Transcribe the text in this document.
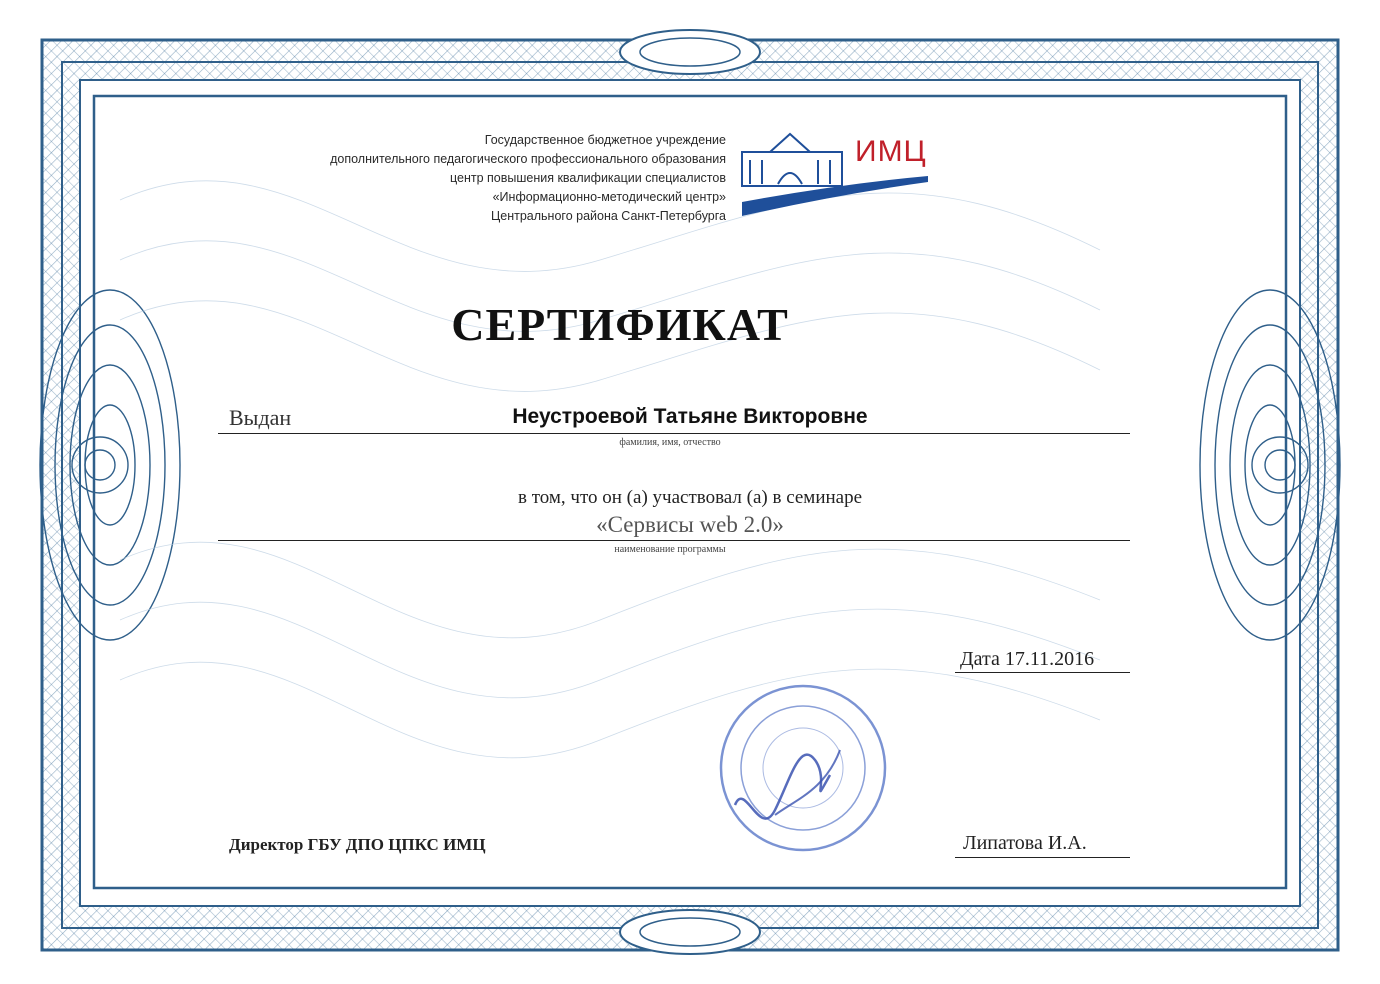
Государственное бюджетное учреждение
дополнительного педагогического профессионального образования
центр повышения квалификации специалистов
«Информационно-методический центр»
Центрального района Санкт-Петербурга
ИМЦ
СЕРТИФИКАТ
Выдан	Неустроевой Татьяне Викторовне
фамилия, имя, отчество
в том, что он (а) участвовал (а) в семинаре
«Сервисы web 2.0»
наименование программы
Дата 17.11.2016
Директор ГБУ ДПО ЦПКС ИМЦ	Липатова И.А.
